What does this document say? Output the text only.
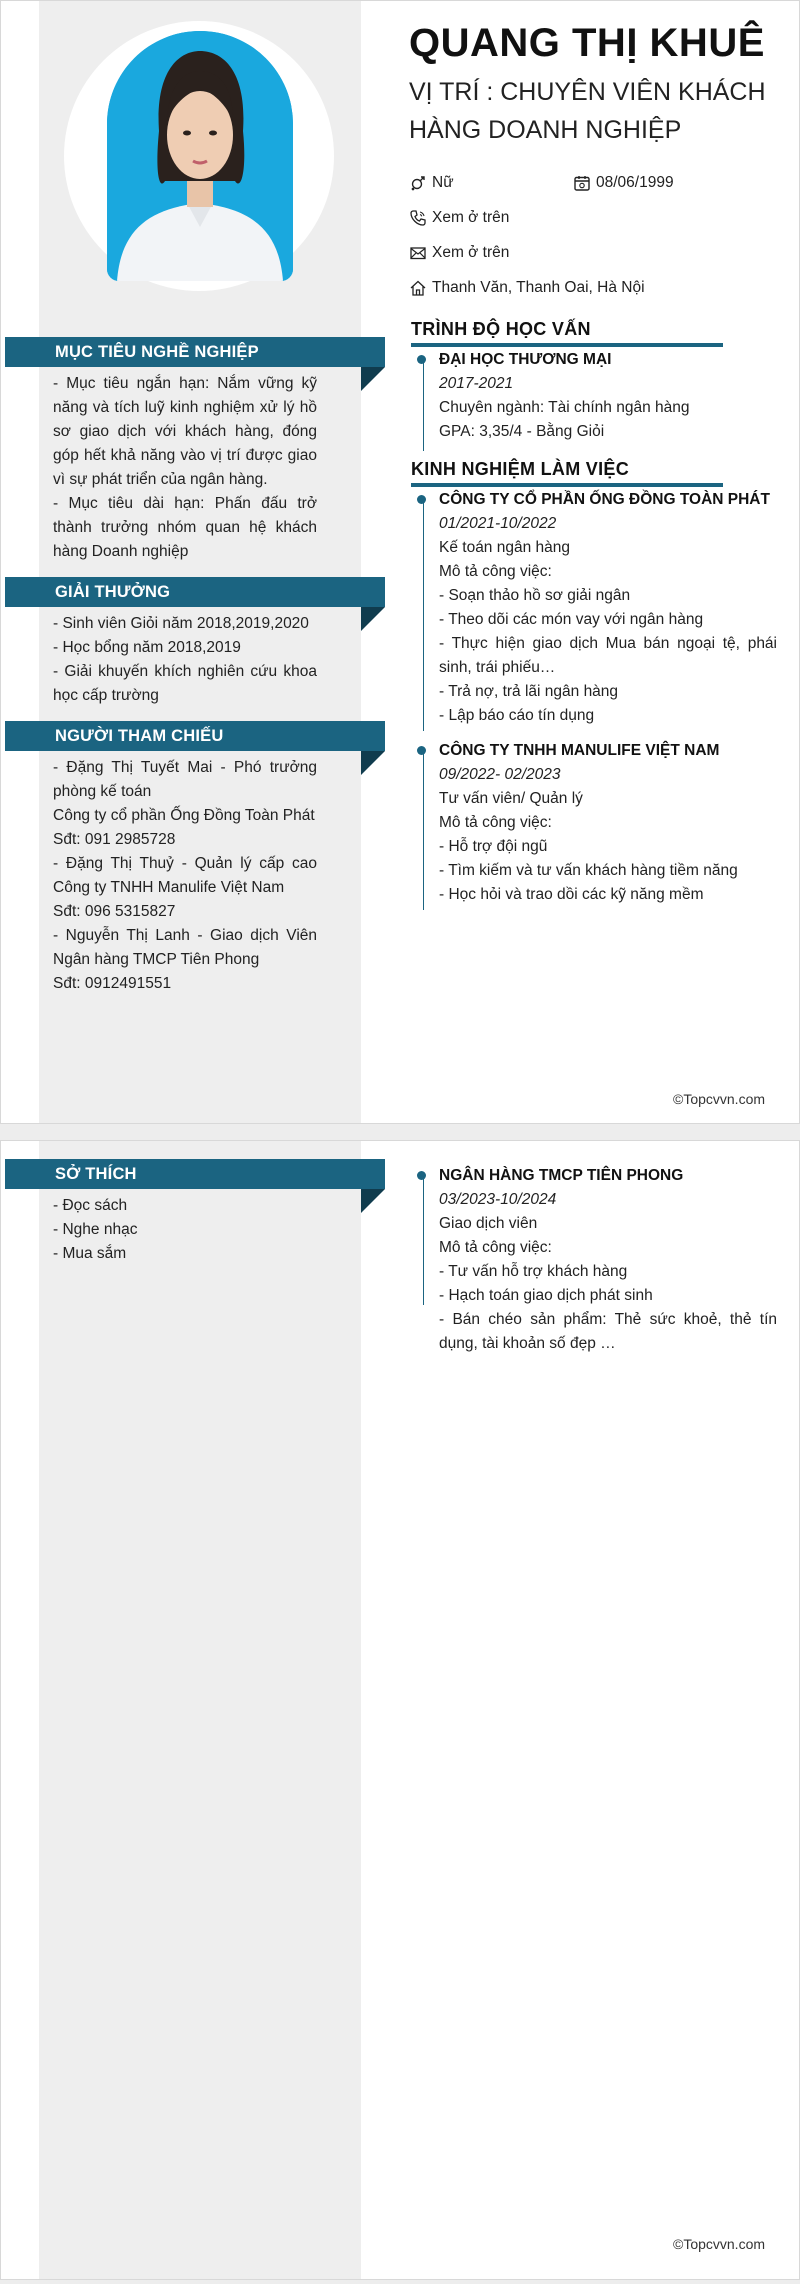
QUANG THỊ KHUÊ
VỊ TRÍ : CHUYÊN VIÊN KHÁCH HÀNG DOANH NGHIỆP
Nữ	08/06/1999
Xem ở trên
Xem ở trên
Thanh Văn, Thanh Oai, Hà Nội
MỤC TIÊU NGHỀ NGHIỆP
- Mục tiêu ngắn hạn: Nắm vững kỹ năng và tích luỹ kinh nghiệm xử lý hồ sơ giao dịch với khách hàng, đóng góp hết khả năng vào vị trí được giao vì sự phát triển của ngân hàng.
- Mục tiêu dài hạn: Phấn đấu trở thành trưởng nhóm quan hệ khách hàng Doanh nghiệp
GIẢI THƯỞNG
- Sinh viên Giỏi năm 2018,2019,2020
- Học bổng năm 2018,2019
- Giải khuyến khích nghiên cứu khoa học cấp trường
NGƯỜI THAM CHIẾU
- Đặng Thị Tuyết Mai - Phó trưởng phòng kế toán
Công ty cổ phần Ống Đồng Toàn Phát
Sđt: 091 2985728
- Đặng Thị Thuỷ - Quản lý cấp cao Công ty TNHH Manulife Việt Nam
Sđt: 096 5315827
- Nguyễn Thị Lanh - Giao dịch Viên Ngân hàng TMCP Tiên Phong
Sđt: 0912491551
TRÌNH ĐỘ HỌC VẤN
ĐẠI HỌC THƯƠNG MẠI
2017-2021
Chuyên ngành: Tài chính ngân hàng
GPA: 3,35/4 - Bằng Giỏi
KINH NGHIỆM LÀM VIỆC
CÔNG TY CỔ PHẦN ỐNG ĐỒNG TOÀN PHÁT
01/2021-10/2022
Kế toán ngân hàng
Mô tả công việc:
- Soạn thảo hồ sơ giải ngân
- Theo dõi các món vay với ngân hàng
- Thực hiện giao dịch Mua bán ngoại tệ, phái sinh, trái phiếu…
- Trả nợ, trả lãi ngân hàng
- Lập báo cáo tín dụng
CÔNG TY TNHH MANULIFE VIỆT NAM
09/2022- 02/2023
Tư vấn viên/ Quản lý
Mô tả công việc:
- Hỗ trợ đội ngũ
- Tìm kiếm và tư vấn khách hàng tiềm năng
- Học hỏi và trao dồi các kỹ năng mềm
©Topcvvn.com
SỞ THÍCH
- Đọc sách
- Nghe nhạc
- Mua sắm
NGÂN HÀNG TMCP TIÊN PHONG
03/2023-10/2024
Giao dịch viên
Mô tả công việc:
- Tư vấn hỗ trợ khách hàng
- Hạch toán giao dịch phát sinh
- Bán chéo sản phẩm: Thẻ sức khoẻ, thẻ tín dụng, tài khoản số đẹp …
©Topcvvn.com
